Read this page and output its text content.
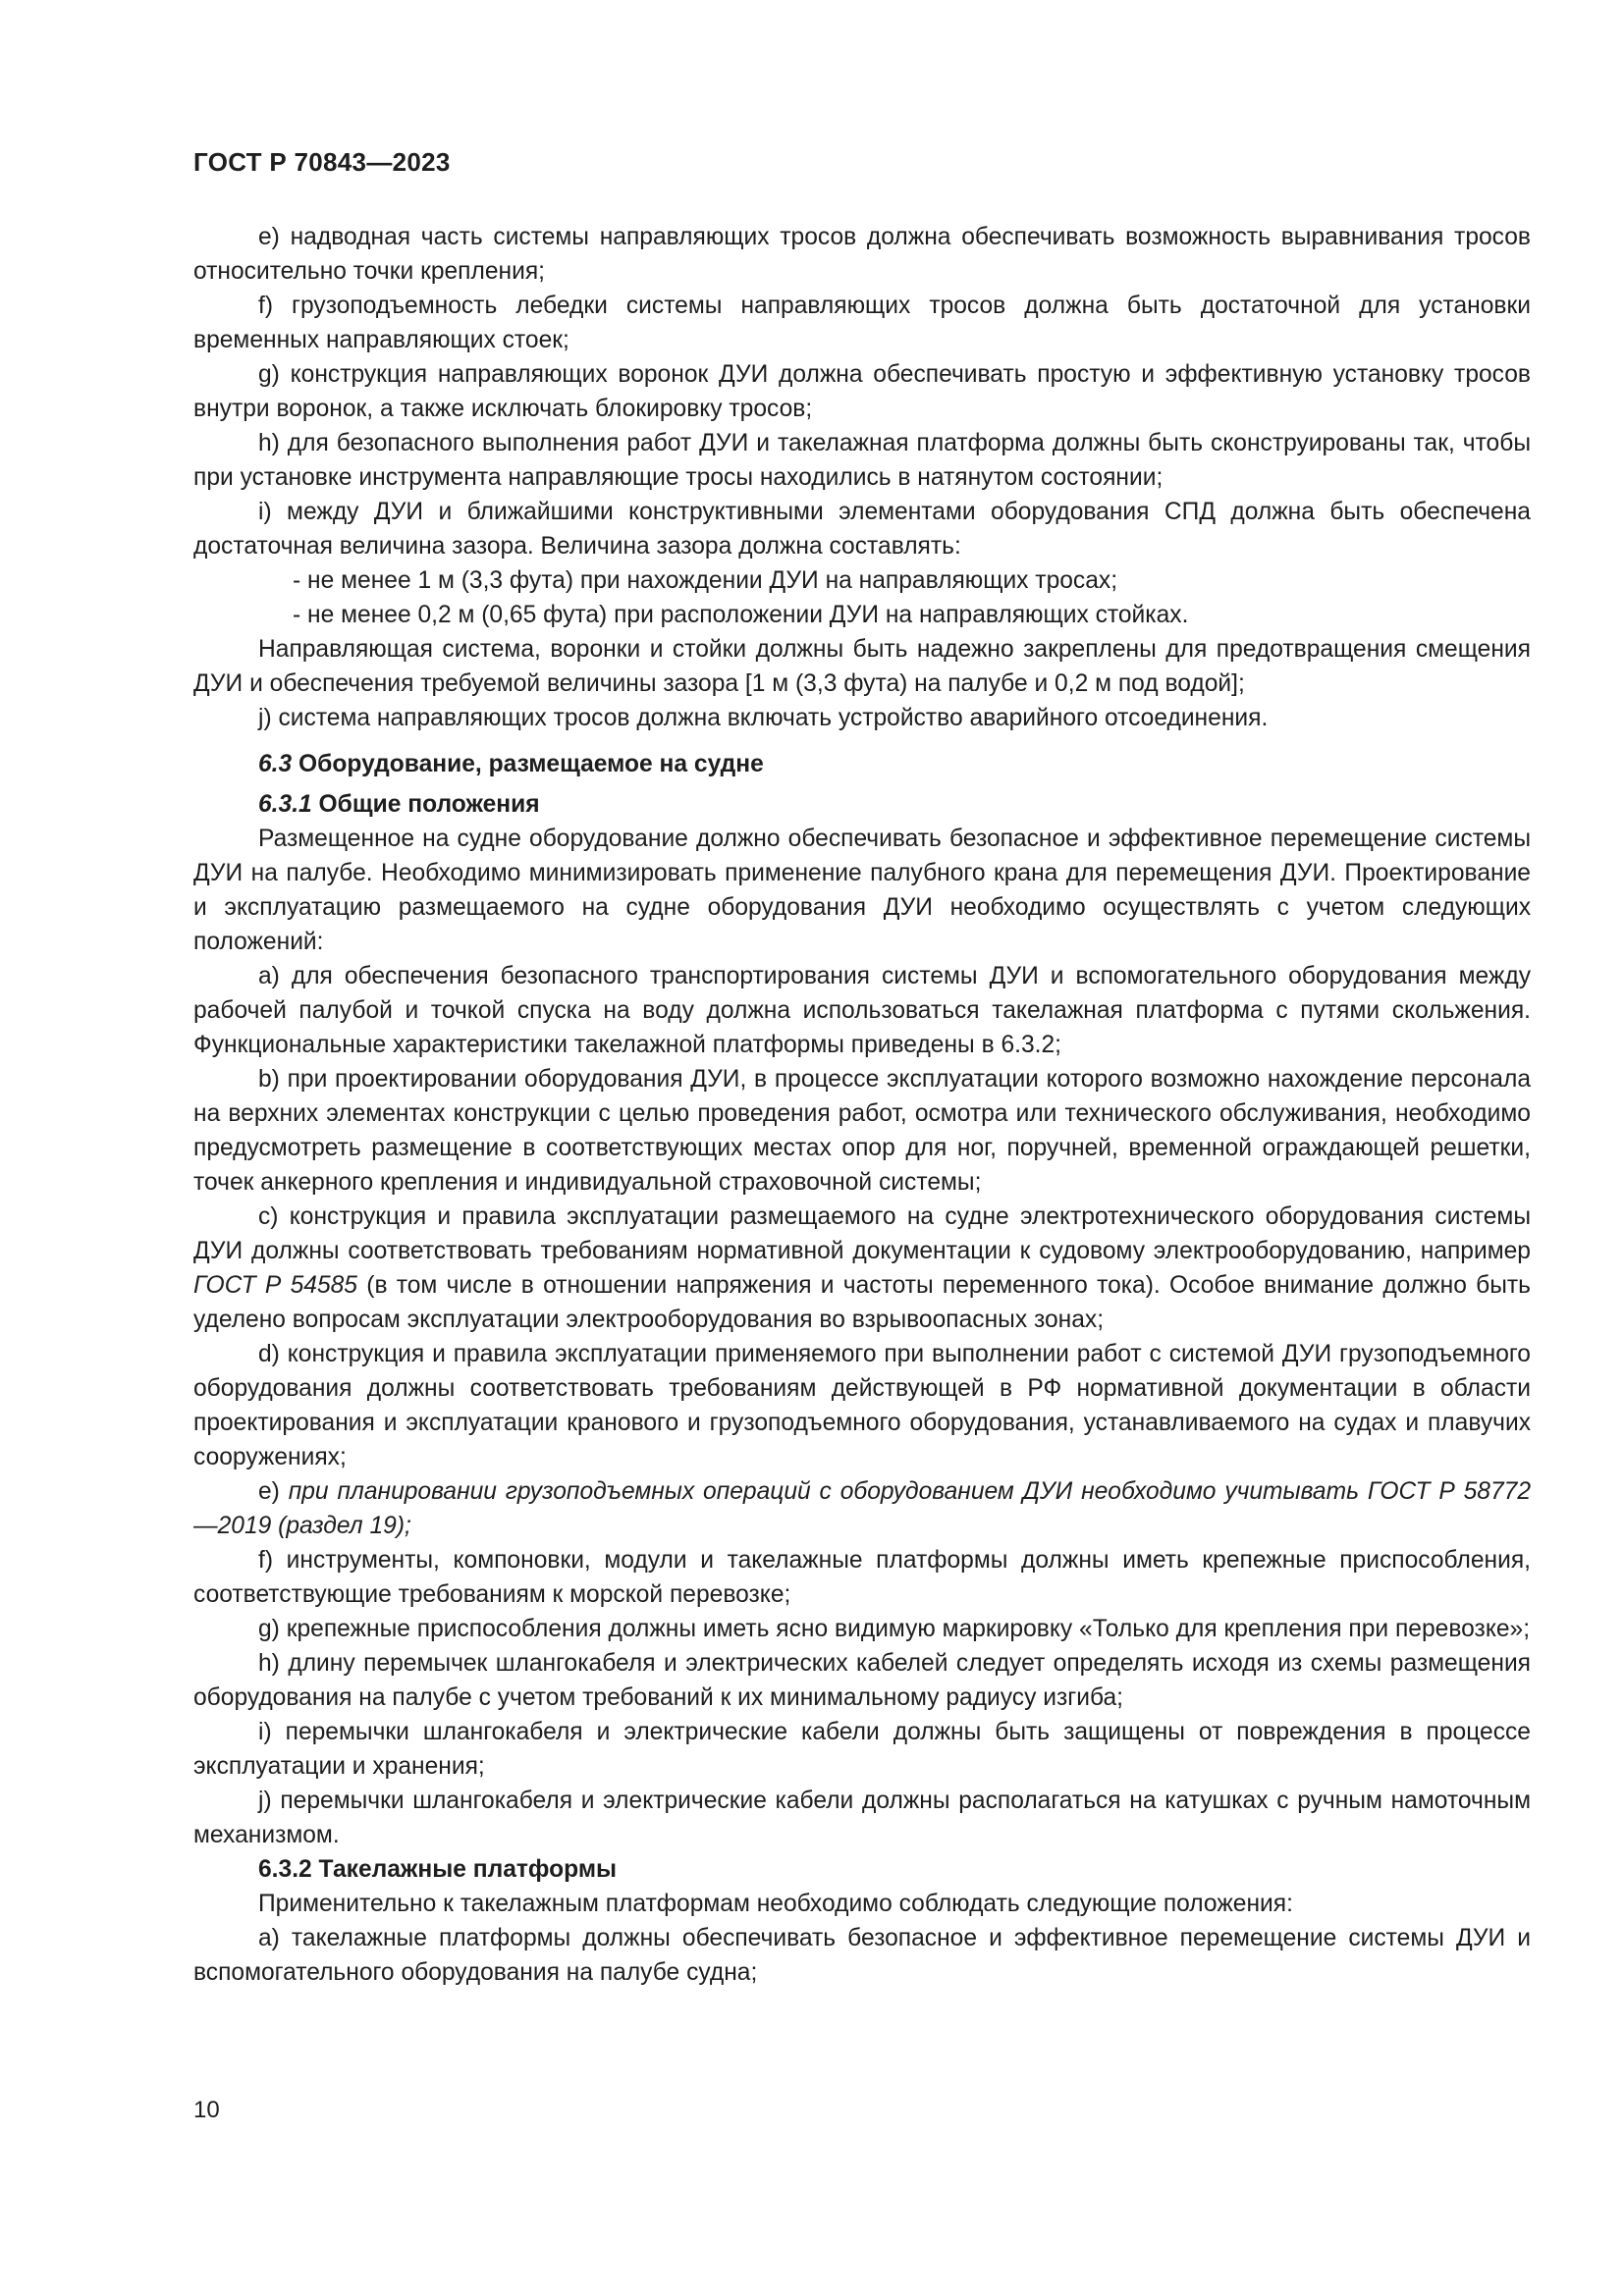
ГОСТ Р 70843—2023

е) надводная часть системы направляющих тросов должна обеспечивать возможность выравнивания тросов относительно точки крепления;

f) грузоподъемность лебедки системы направляющих тросов должна быть достаточной для установки временных направляющих стоек;

g) конструкция направляющих воронок ДУИ должна обеспечивать простую и эффективную установку тросов внутри воронок, а также исключать блокировку тросов;

h) для безопасного выполнения работ ДУИ и такелажная платформа должны быть сконструированы так, чтобы при установке инструмента направляющие тросы находились в натянутом состоянии;

i) между ДУИ и ближайшими конструктивными элементами оборудования СПД должна быть обеспечена достаточная величина зазора. Величина зазора должна составлять:

- не менее 1 м (3,3 фута) при нахождении ДУИ на направляющих тросах;

- не менее 0,2 м (0,65 фута) при расположении ДУИ на направляющих стойках.

Направляющая система, воронки и стойки должны быть надежно закреплены для предотвращения смещения ДУИ и обеспечения требуемой величины зазора [1 м (3,3 фута) на палубе и 0,2 м под водой];

j) система направляющих тросов должна включать устройство аварийного отсоединения.

6.3 Оборудование, размещаемое на судне
6.3.1 Общие положения

Размещенное на судне оборудование должно обеспечивать безопасное и эффективное перемещение системы ДУИ на палубе. Необходимо минимизировать применение палубного крана для перемещения ДУИ. Проектирование и эксплуатацию размещаемого на судне оборудования ДУИ необходимо осуществлять с учетом следующих положений:

а) для обеспечения безопасного транспортирования системы ДУИ и вспомогательного оборудования между рабочей палубой и точкой спуска на воду должна использоваться такелажная платформа с путями скольжения. Функциональные характеристики такелажной платформы приведены в 6.3.2;

b) при проектировании оборудования ДУИ, в процессе эксплуатации которого возможно нахождение персонала на верхних элементах конструкции с целью проведения работ, осмотра или технического обслуживания, необходимо предусмотреть размещение в соответствующих местах опор для ног, поручней, временной ограждающей решетки, точек анкерного крепления и индивидуальной страховочной системы;

с) конструкция и правила эксплуатации размещаемого на судне электротехнического оборудования системы ДУИ должны соответствовать требованиям нормативной документации к судовому электрооборудованию, например ГОСТ Р 54585 (в том числе в отношении напряжения и частоты переменного тока). Особое внимание должно быть уделено вопросам эксплуатации электрооборудования во взрывоопасных зонах;

d) конструкция и правила эксплуатации применяемого при выполнении работ с системой ДУИ грузоподъемного оборудования должны соответствовать требованиям действующей в РФ нормативной документации в области проектирования и эксплуатации кранового и грузоподъемного оборудования, устанавливаемого на судах и плавучих сооружениях;

е) при планировании грузоподъемных операций с оборудованием ДУИ необходимо учитывать ГОСТ Р 58772—2019 (раздел 19);

f) инструменты, компоновки, модули и такелажные платформы должны иметь крепежные приспособления, соответствующие требованиям к морской перевозке;

g) крепежные приспособления должны иметь ясно видимую маркировку «Только для крепления при перевозке»;

h) длину перемычек шлангокабеля и электрических кабелей следует определять исходя из схемы размещения оборудования на палубе с учетом требований к их минимальному радиусу изгиба;

i) перемычки шлангокабеля и электрические кабели должны быть защищены от повреждения в процессе эксплуатации и хранения;

j) перемычки шлангокабеля и электрические кабели должны располагаться на катушках с ручным намоточным механизмом.

6.3.2 Такелажные платформы

Применительно к такелажным платформам необходимо соблюдать следующие положения:

а) такелажные платформы должны обеспечивать безопасное и эффективное перемещение системы ДУИ и вспомогательного оборудования на палубе судна;

10
